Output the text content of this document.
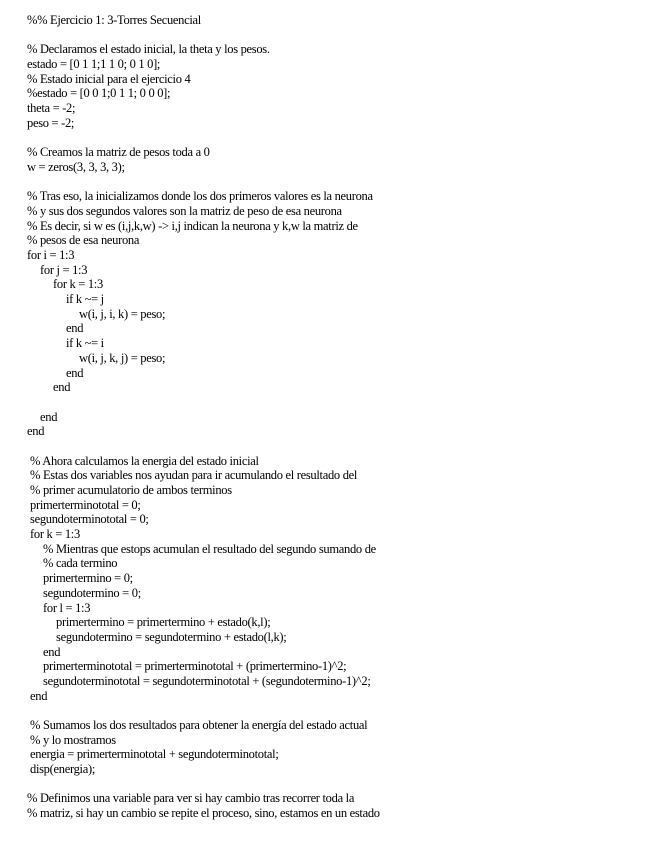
%% Ejercicio 1: 3-Torres Secuencial
% Declaramos el estado inicial, la theta y los pesos.
estado = [0 1 1;1 1 0; 0 1 0];
% Estado inicial para el ejercicio 4
%estado = [0 0 1;0 1 1; 0 0 0];
theta = -2;
peso = -2;
% Creamos la matriz de pesos toda a 0
w = zeros(3, 3, 3, 3);
% Tras eso, la inicializamos donde los dos primeros valores es la neurona
% y sus dos segundos valores son la matriz de peso de esa neurona
% Es decir, si w es (i,j,k,w) -> i,j indican la neurona y k,w la matriz de
% pesos de esa neurona
for i = 1:3
for j = 1:3
for k = 1:3
if k ~= j
w(i, j, i, k) = peso;
end
if k ~= i
w(i, j, k, j) = peso;
end
end
end
end
% Ahora calculamos la energia del estado inicial
% Estas dos variables nos ayudan para ir acumulando el resultado del
% primer acumulatorio de ambos terminos
primerterminototal = 0;
segundoterminototal = 0;
for k = 1:3
% Mientras que estops acumulan el resultado del segundo sumando de
% cada termino
primertermino = 0;
segundotermino = 0;
for l = 1:3
primertermino = primertermino + estado(k,l);
segundotermino = segundotermino + estado(l,k);
end
primerterminototal = primerterminototal + (primertermino-1)^2;
segundoterminototal = segundoterminototal + (segundotermino-1)^2;
end
% Sumamos los dos resultados para obtener la energía del estado actual
% y lo mostramos
energia = primerterminototal + segundoterminototal;
disp(energia);
% Definimos una variable para ver si hay cambio tras recorrer toda la
% matriz, si hay un cambio se repite el proceso, sino, estamos en un estado
